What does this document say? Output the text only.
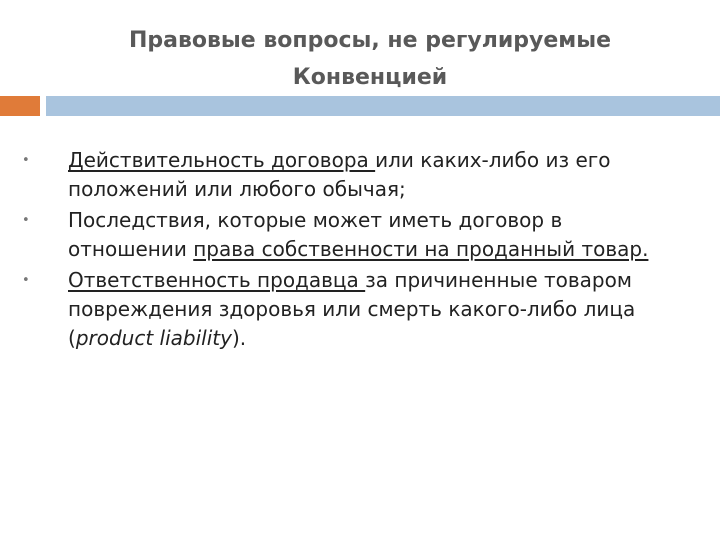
Правовые вопросы, не регулируемые
Конвенцией
• Действительность договора или каких-либо из его положений или любого обычая;
• Последствия, которые может иметь договор в отношении права собственности на проданный товар.
• Ответственность продавца за причиненные товаром повреждения здоровья или смерть какого-либо лица (product liability).
